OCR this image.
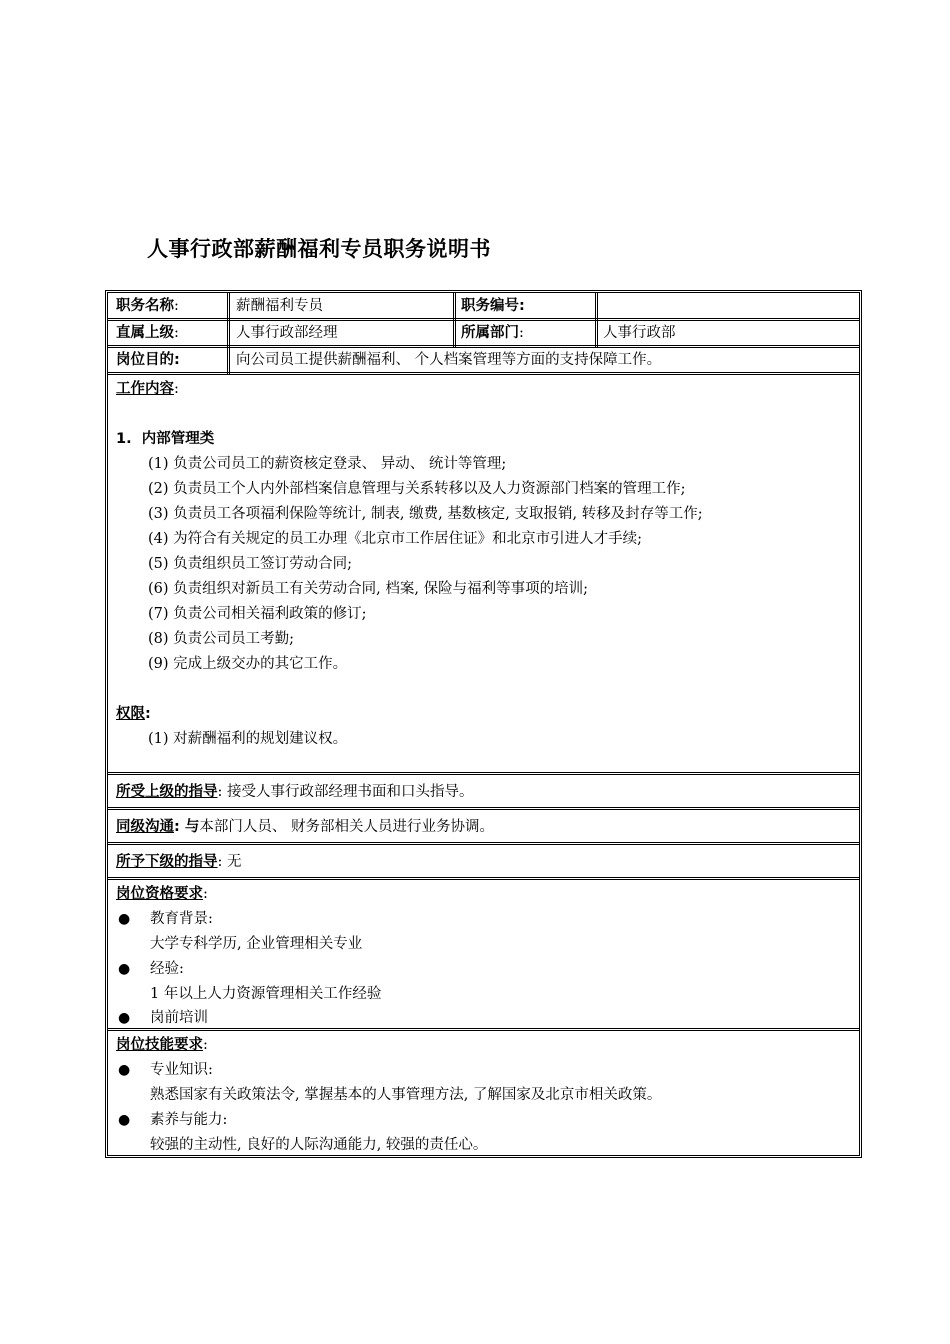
人事行政部薪酬福利专员职务说明书
职务名称:	薪酬福利专员	职务编号:
直属上级:	人事行政部经理	所属部门:	人事行政部
岗位目的:	向公司员工提供薪酬福利、 个人档案管理等方面的支持保障工作。
工作内容:
1. 内部管理类
(1) 负责公司员工的薪资核定登录、 异动、 统计等管理;
(2) 负责员工个人内外部档案信息管理与关系转移以及人力资源部门档案的管理工作;
(3) 负责员工各项福利保险等统计, 制表, 缴费, 基数核定, 支取报销, 转移及封存等工作;
(4) 为符合有关规定的员工办理《北京市工作居住证》和北京市引进人才手续;
(5) 负责组织员工签订劳动合同;
(6) 负责组织对新员工有关劳动合同, 档案, 保险与福利等事项的培训;
(7) 负责公司相关福利政策的修订;
(8) 负责公司员工考勤;
(9) 完成上级交办的其它工作。
权限:
(1) 对薪酬福利的规划建议权。
所受上级的指导: 接受人事行政部经理书面和口头指导。
同级沟通: 与本部门人员、 财务部相关人员进行业务协调。
所予下级的指导: 无
岗位资格要求:
● 教育背景:
大学专科学历, 企业管理相关专业
● 经验:
1 年以上人力资源管理相关工作经验
● 岗前培训
岗位技能要求:
● 专业知识:
熟悉国家有关政策法令, 掌握基本的人事管理方法, 了解国家及北京市相关政策。
● 素养与能力:
较强的主动性, 良好的人际沟通能力, 较强的责任心。
